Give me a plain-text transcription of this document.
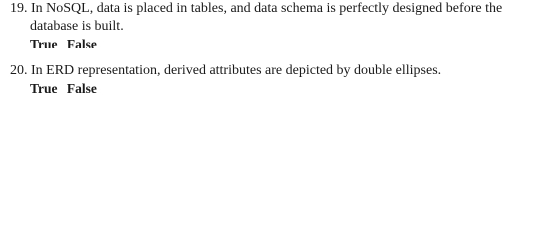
19. In NoSQL, data is placed in tables, and data schema is perfectly designed before the
database is built.
True False
20. In ERD representation, derived attributes are depicted by double ellipses.
True False
